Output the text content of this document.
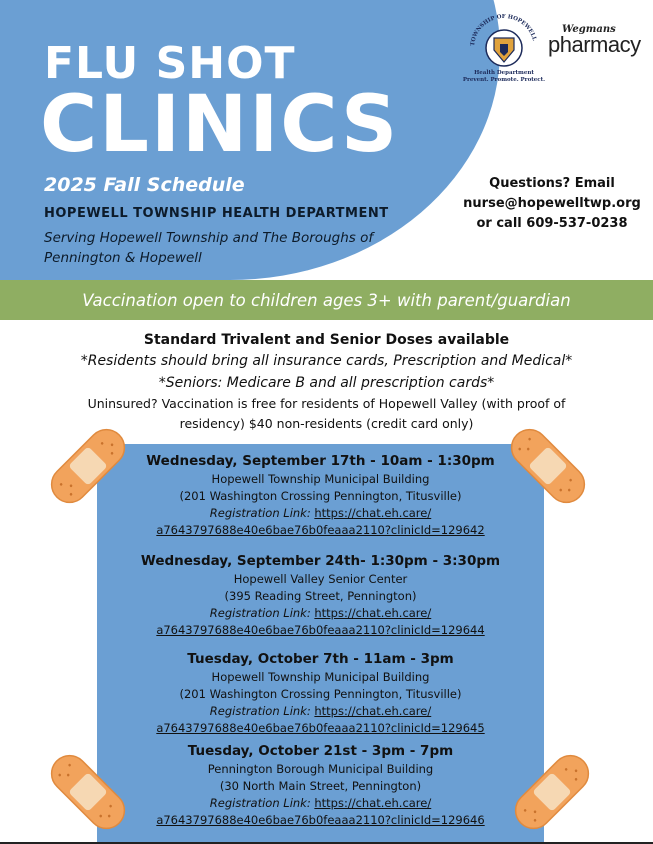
FLU SHOT
CLINICS
2025 Fall Schedule
HOPEWELL TOWNSHIP HEALTH DEPARTMENT
Serving Hopewell Township and The Boroughs of Pennington & Hopewell
TOWNSHIP OF HOPEWELL
Health Department
Prevent. Promote. Protect.
Wegmans
pharmacy
Questions? Email
nurse@hopewelltwp.org
or call 609-537-0238
Vaccination open to children ages 3+ with parent/guardian
Standard Trivalent and Senior Doses available
*Residents should bring all insurance cards, Prescription and Medical*
*Seniors: Medicare B and all prescription cards*
Uninsured? Vaccination is free for residents of Hopewell Valley (with proof of residency) $40 non-residents (credit card only)
Wednesday, September 17th - 10am - 1:30pm
Hopewell Township Municipal Building
(201 Washington Crossing Pennington, Titusville)
Registration Link: https://chat.eh.care/
a7643797688e40e6bae76b0feaaa2110?clinicId=129642
Wednesday, September 24th- 1:30pm - 3:30pm
Hopewell Valley Senior Center
(395 Reading Street, Pennington)
Registration Link: https://chat.eh.care/
a7643797688e40e6bae76b0feaaa2110?clinicId=129644
Tuesday, October 7th - 11am - 3pm
Hopewell Township Municipal Building
(201 Washington Crossing Pennington, Titusville)
Registration Link: https://chat.eh.care/
a7643797688e40e6bae76b0feaaa2110?clinicId=129645
Tuesday, October 21st - 3pm - 7pm
Pennington Borough Municipal Building
(30 North Main Street, Pennington)
Registration Link: https://chat.eh.care/
a7643797688e40e6bae76b0feaaa2110?clinicId=129646
